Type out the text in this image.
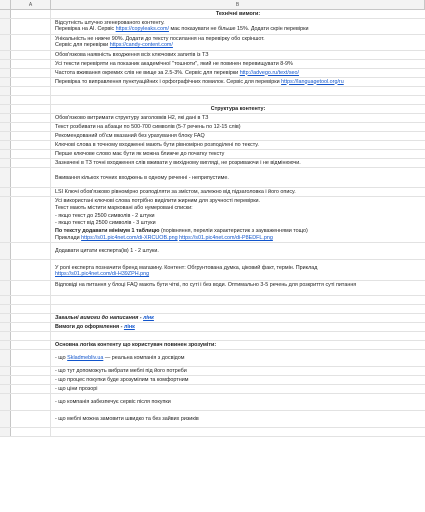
A	B
Технічні вимоги:
Відсутність штучно згенерованого контенту.
Перевірка на AI. Сервіс https://copyleaks.com/ має показувати не більше 15%. Додати скрін перевірки
Унікальність не нижче 90%. Додати до тексту посилання на перевірку обо скріншот.
Сервіс для перевірки https://candy-content.com/
Обов'язкова наявність входження всіх ключових запитів із ТЗ
Усі тексти перевіряти на показник академічної "тошноти", який не повинен перевищувати 8-9%
Частота вживання окремих слів не вище за 2.5-3%. Сервіс для перевірки http://advego.ru/text/seo/
Перевірка то виправлення пунктуаційних і орфографічних помилок. Сервіс для перевірки https://languagetool.org/ru
Структура контенту:
Обов'язково витримати структуру заголовків H2, які дані в ТЗ
Текст розбивати на абзаци по 500-700 символів (5-7 речень по 12-15 слів)
Рекомендований об'єм вказаний без урахування блоку FAQ
Ключові слова в точному входженні мають бути рівномірно розподілені по тексту.
Перше ключове слово має бути як можна ближче до початку тексту
Зазначені в ТЗ точні входження слів вживати у вихідному вигляді, не розриваючи і не відмінюючи.
Вживання кількох точних входжень в одному реченні - неприпустиме.
LSI Ключі обов'язково рівномірно розподіляти за змістом, залежно від підзаголовка і його опису.
Усі використані ключові слова потрібно виділити жирним для зручності перевірки.
Текст мають містити марковані або нумеровані списки:
- якщо текст до 2500 символів - 2 штуки
- якщо текст від 2500 символів - 3 штуки
По тексту додавати мінімум 1 таблицю (порівняння, переліи характеристик з зауваженнями тощо)
Приклади https://s01.pic4net.com/di-XRCUOB.png https://s01.pic4net.com/di-P8EDFL.png
Додавати цитати експерта(ів) 1 - 2 штуки.
У ролі експерта позначити бренд магазину. Контент: Обгрунтована думка, ціковий факт, термін. Приклад
https://s01.pic4net.com/di-H39ZPH.png
Відповіді на питання у блоці FAQ мають бути чіткі, по суті і без води. Оптимально 3-5 речень для розкриття суті питання
Загальні вимоги до написання - лінк
Вимоги до оформлення - лінк
Основна логіка контенту що користувач повинен зрозуміти:
- що Skladmebliv.ua — реальна компанія з досвідом
- що тут допоможуть вибрати меблі під його потреби
- що процес покупки буде зрозумілим та комфортним
- що ціни прозорі
- що компанія забезпечує сервіс після покупки
- що меблі можна замовити швидко та без зайвих ризиків
